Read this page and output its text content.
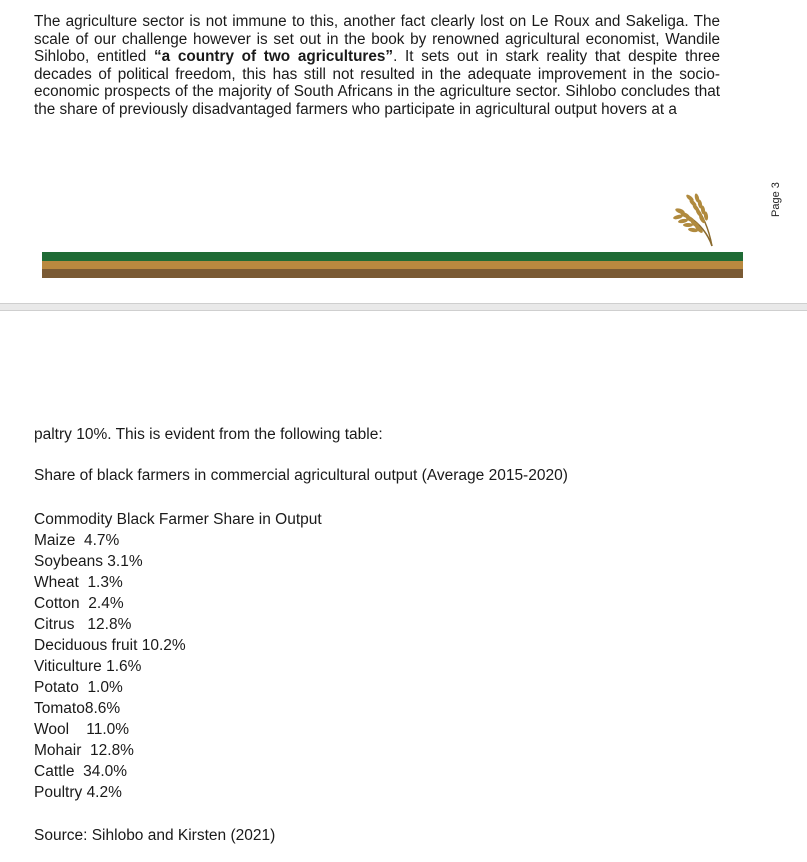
The agriculture sector is not immune to this, another fact clearly lost on Le Roux and Sakeliga. The scale of our challenge however is set out in the book by renowned agricultural economist, Wandile Sihlobo, entitled “a country of two agricultures”. It sets out in stark reality that despite three decades of political freedom, this has still not resulted in the adequate improvement in the socio-economic prospects of the majority of South Africans in the agriculture sector. Sihlobo concludes that the share of previously disadvantaged farmers who participate in agricultural output hovers at a

Page 3

paltry 10%. This is evident from the following table:

Share of black farmers in commercial agricultural output (Average 2015-2020)

Commodity Black Farmer Share in Output

Maize 4.7%
Soybeans 3.1%
Wheat 1.3%
Cotton 2.4%
Citrus 12.8%
Deciduous fruit 10.2%
Viticulture 1.6%
Potato 1.0%
Tomato8.6%
Wool 11.0%
Mohair 12.8%
Cattle 34.0%
Poultry 4.2%

Source: Sihlobo and Kirsten (2021)
